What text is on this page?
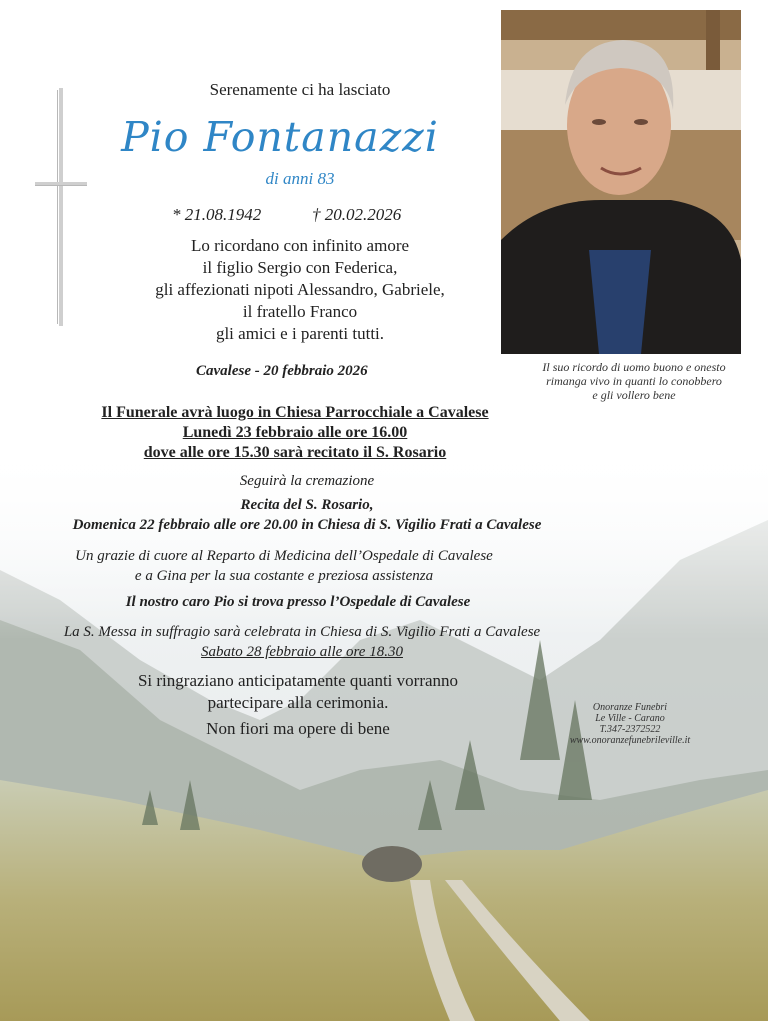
Serenamente ci ha lasciato
Pio Fontanazzi
di anni 83
* 21.08.1942	† 20.02.2026
Lo ricordano con infinito amore
il figlio Sergio con Federica,
gli affezionati nipoti Alessandro, Gabriele,
il fratello Franco
gli amici e i parenti tutti.
Cavalese - 20 febbraio 2026	Il suo ricordo di uomo buono e onesto
rimanga vivo in quanti lo conobbero
e gli vollero bene
Il Funerale avrà luogo in Chiesa Parrocchiale a Cavalese
Lunedì 23 febbraio alle ore 16.00
dove alle ore 15.30 sarà recitato il S. Rosario
Seguirà la cremazione
Recita del S. Rosario,
Domenica 22 febbraio alle ore 20.00 in Chiesa di S. Vigilio Frati a Cavalese
Un grazie di cuore al Reparto di Medicina dell’Ospedale di Cavalese
e a Gina per la sua costante e preziosa assistenza
Il nostro caro Pio si trova presso l’Ospedale di Cavalese
La S. Messa in suffragio sarà celebrata in Chiesa di S. Vigilio Frati a Cavalese
Sabato 28 febbraio alle ore 18.30
Si ringraziano anticipatamente quanti vorranno
partecipare alla cerimonia.
Non fiori ma opere di bene
Onoranze Funebri
Le Ville - Carano
T.347-2372522
www.onoranzefunebrileville.it
